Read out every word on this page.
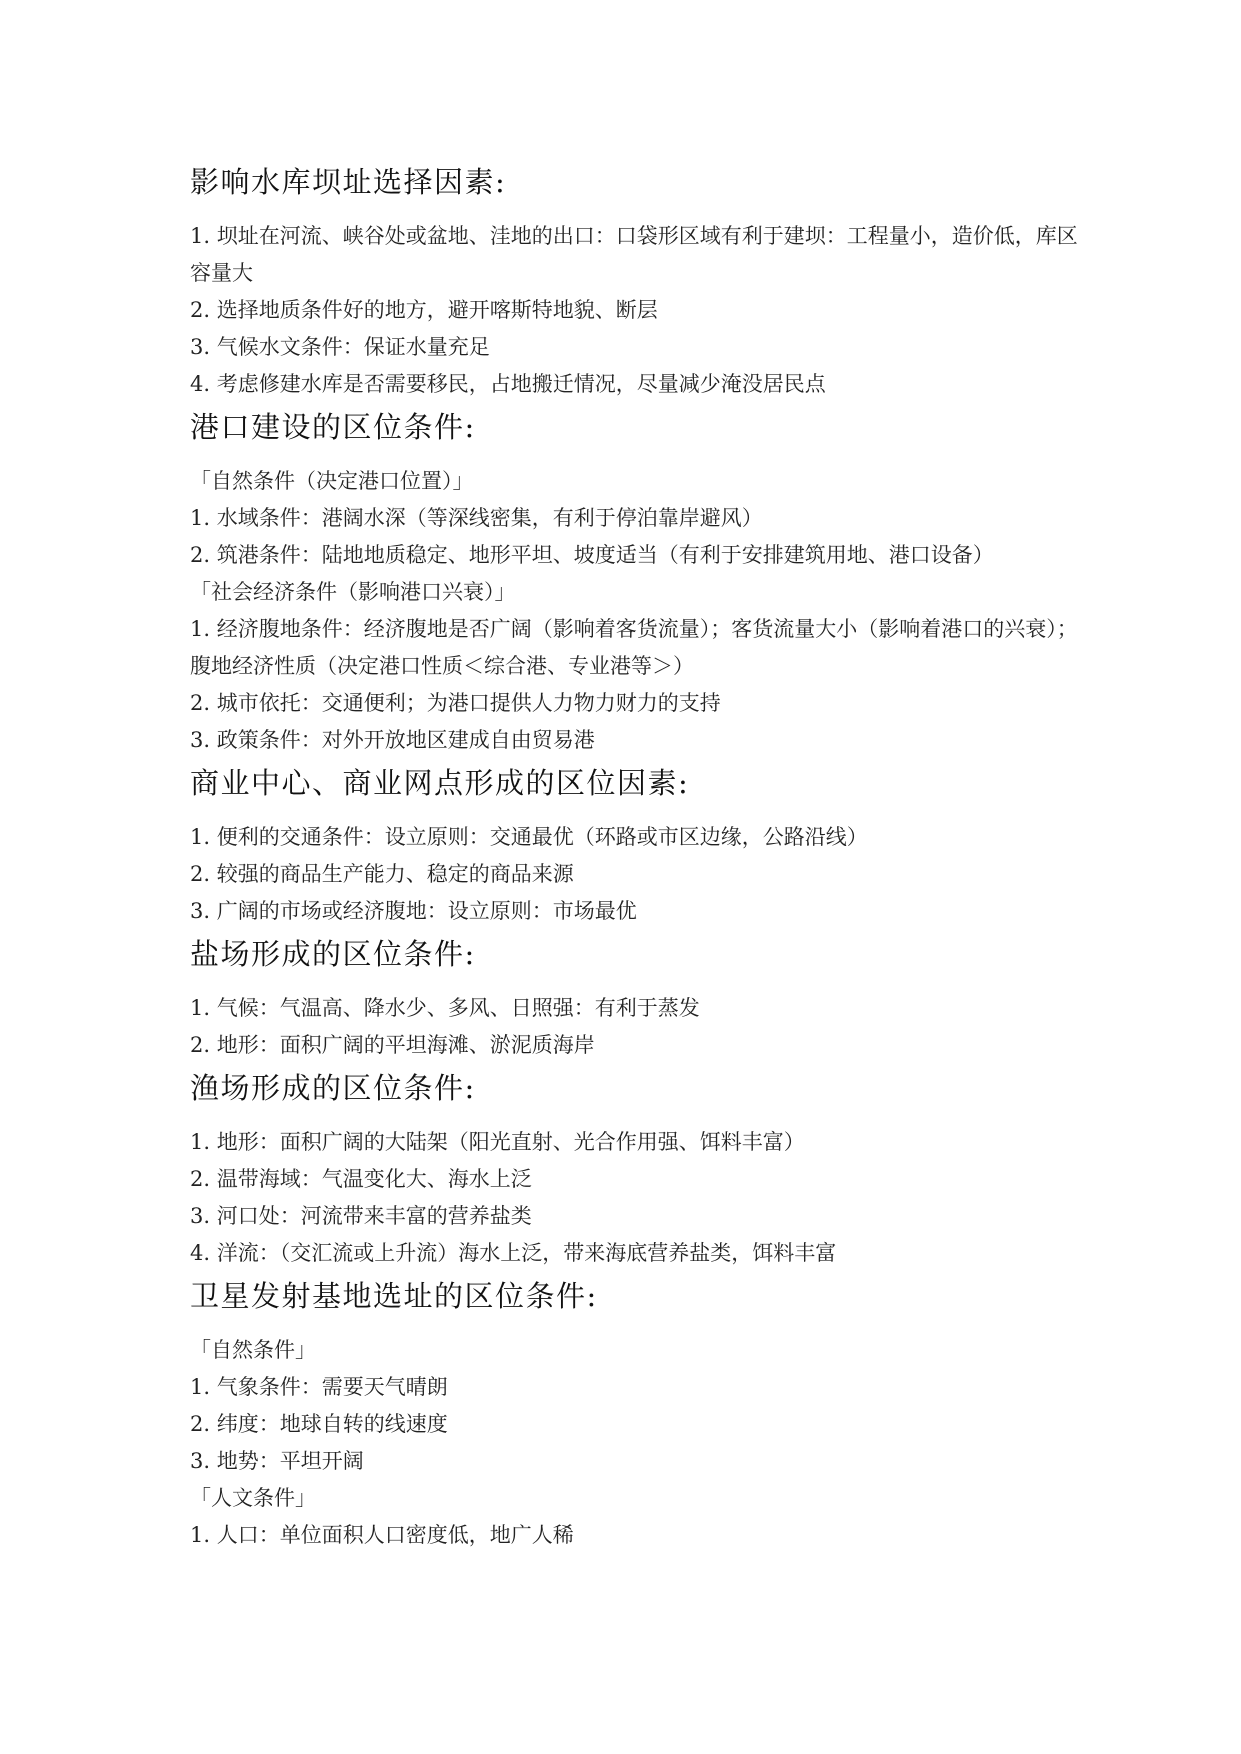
影响水库坝址选择因素:

1. 坝址在河流、峡谷处或盆地、洼地的出口：口袋形区域有利于建坝：工程量小，造价低，库区容量大

2. 选择地质条件好的地方，避开喀斯特地貌、断层

3. 气候水文条件：保证水量充足

4. 考虑修建水库是否需要移民，占地搬迁情况，尽量减少淹没居民点

港口建设的区位条件:

「自然条件（决定港口位置）」

1. 水域条件：港阔水深（等深线密集，有利于停泊靠岸避风）

2. 筑港条件：陆地地质稳定、地形平坦、坡度适当（有利于安排建筑用地、港口设备）

「社会经济条件（影响港口兴衰）」

1. 经济腹地条件：经济腹地是否广阔（影响着客货流量）；客货流量大小（影响着港口的兴衰）；腹地经济性质（决定港口性质＜综合港、专业港等＞）

2. 城市依托：交通便利；为港口提供人力物力财力的支持

3. 政策条件：对外开放地区建成自由贸易港

商业中心、商业网点形成的区位因素:

1. 便利的交通条件：设立原则：交通最优（环路或市区边缘，公路沿线）

2. 较强的商品生产能力、稳定的商品来源

3. 广阔的市场或经济腹地：设立原则：市场最优

盐场形成的区位条件:

1. 气候：气温高、降水少、多风、日照强：有利于蒸发

2. 地形：面积广阔的平坦海滩、淤泥质海岸

渔场形成的区位条件:

1. 地形：面积广阔的大陆架（阳光直射、光合作用强、饵料丰富）

2. 温带海域：气温变化大、海水上泛

3. 河口处：河流带来丰富的营养盐类

4. 洋流：（交汇流或上升流）海水上泛，带来海底营养盐类，饵料丰富

卫星发射基地选址的区位条件:

「自然条件」

1. 气象条件：需要天气晴朗

2. 纬度：地球自转的线速度

3. 地势：平坦开阔

「人文条件」

1. 人口：单位面积人口密度低，地广人稀
